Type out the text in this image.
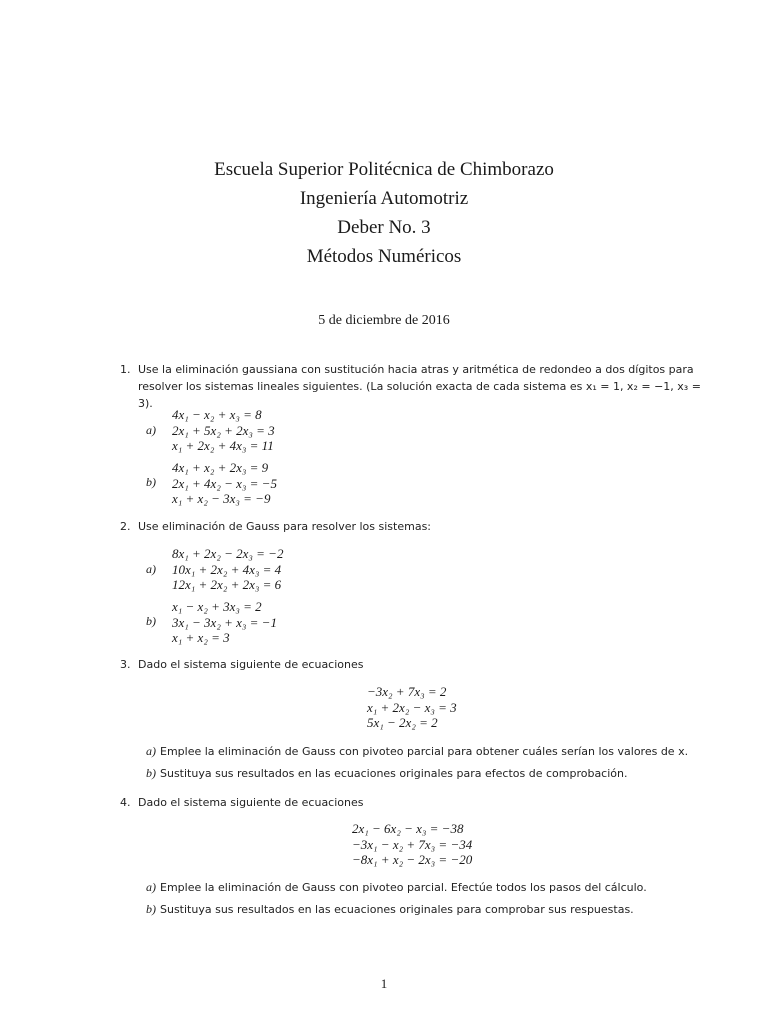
Escuela Superior Politécnica de Chimborazo
Ingeniería Automotriz
Deber No. 3
Métodos Numéricos
5 de diciembre de 2016
1. Use la eliminación gaussiana con sustitución hacia atras y aritmética de redondeo a dos dígitos para resolver los sistemas lineales siguientes. (La solución exacta de cada sistema es x₁ = 1, x₂ = −1, x₃ = 3).
a)
4x₁ − x₂ + x₃ = 8
2x₁ + 5x₂ + 2x₃ = 3
x₁ + 2x₂ + 4x₃ = 11
b)
4x₁ + x₂ + 2x₃ = 9
2x₁ + 4x₂ − x₃ = −5
x₁ + x₂ − 3x₃ = −9
2. Use eliminación de Gauss para resolver los sistemas:
a)
8x₁ + 2x₂ − 2x₃ = −2
10x₁ + 2x₂ + 4x₃ = 4
12x₁ + 2x₂ + 2x₃ = 6
b)
x₁ − x₂ + 3x₃ = 2
3x₁ − 3x₂ + x₃ = −1
x₁ + x₂ = 3
3. Dado el sistema siguiente de ecuaciones
−3x₂ + 7x₃ = 2
x₁ + 2x₂ − x₃ = 3
5x₁ − 2x₂ = 2
a) Emplee la eliminación de Gauss con pivoteo parcial para obtener cuáles serían los valores de x.
b) Sustituya sus resultados en las ecuaciones originales para efectos de comprobación.
4. Dado el sistema siguiente de ecuaciones
2x₁ − 6x₂ − x₃ = −38
−3x₁ − x₂ + 7x₃ = −34
−8x₁ + x₂ − 2x₃ = −20
a) Emplee la eliminación de Gauss con pivoteo parcial. Efectúe todos los pasos del cálculo.
b) Sustituya sus resultados en las ecuaciones originales para comprobar sus respuestas.
1
